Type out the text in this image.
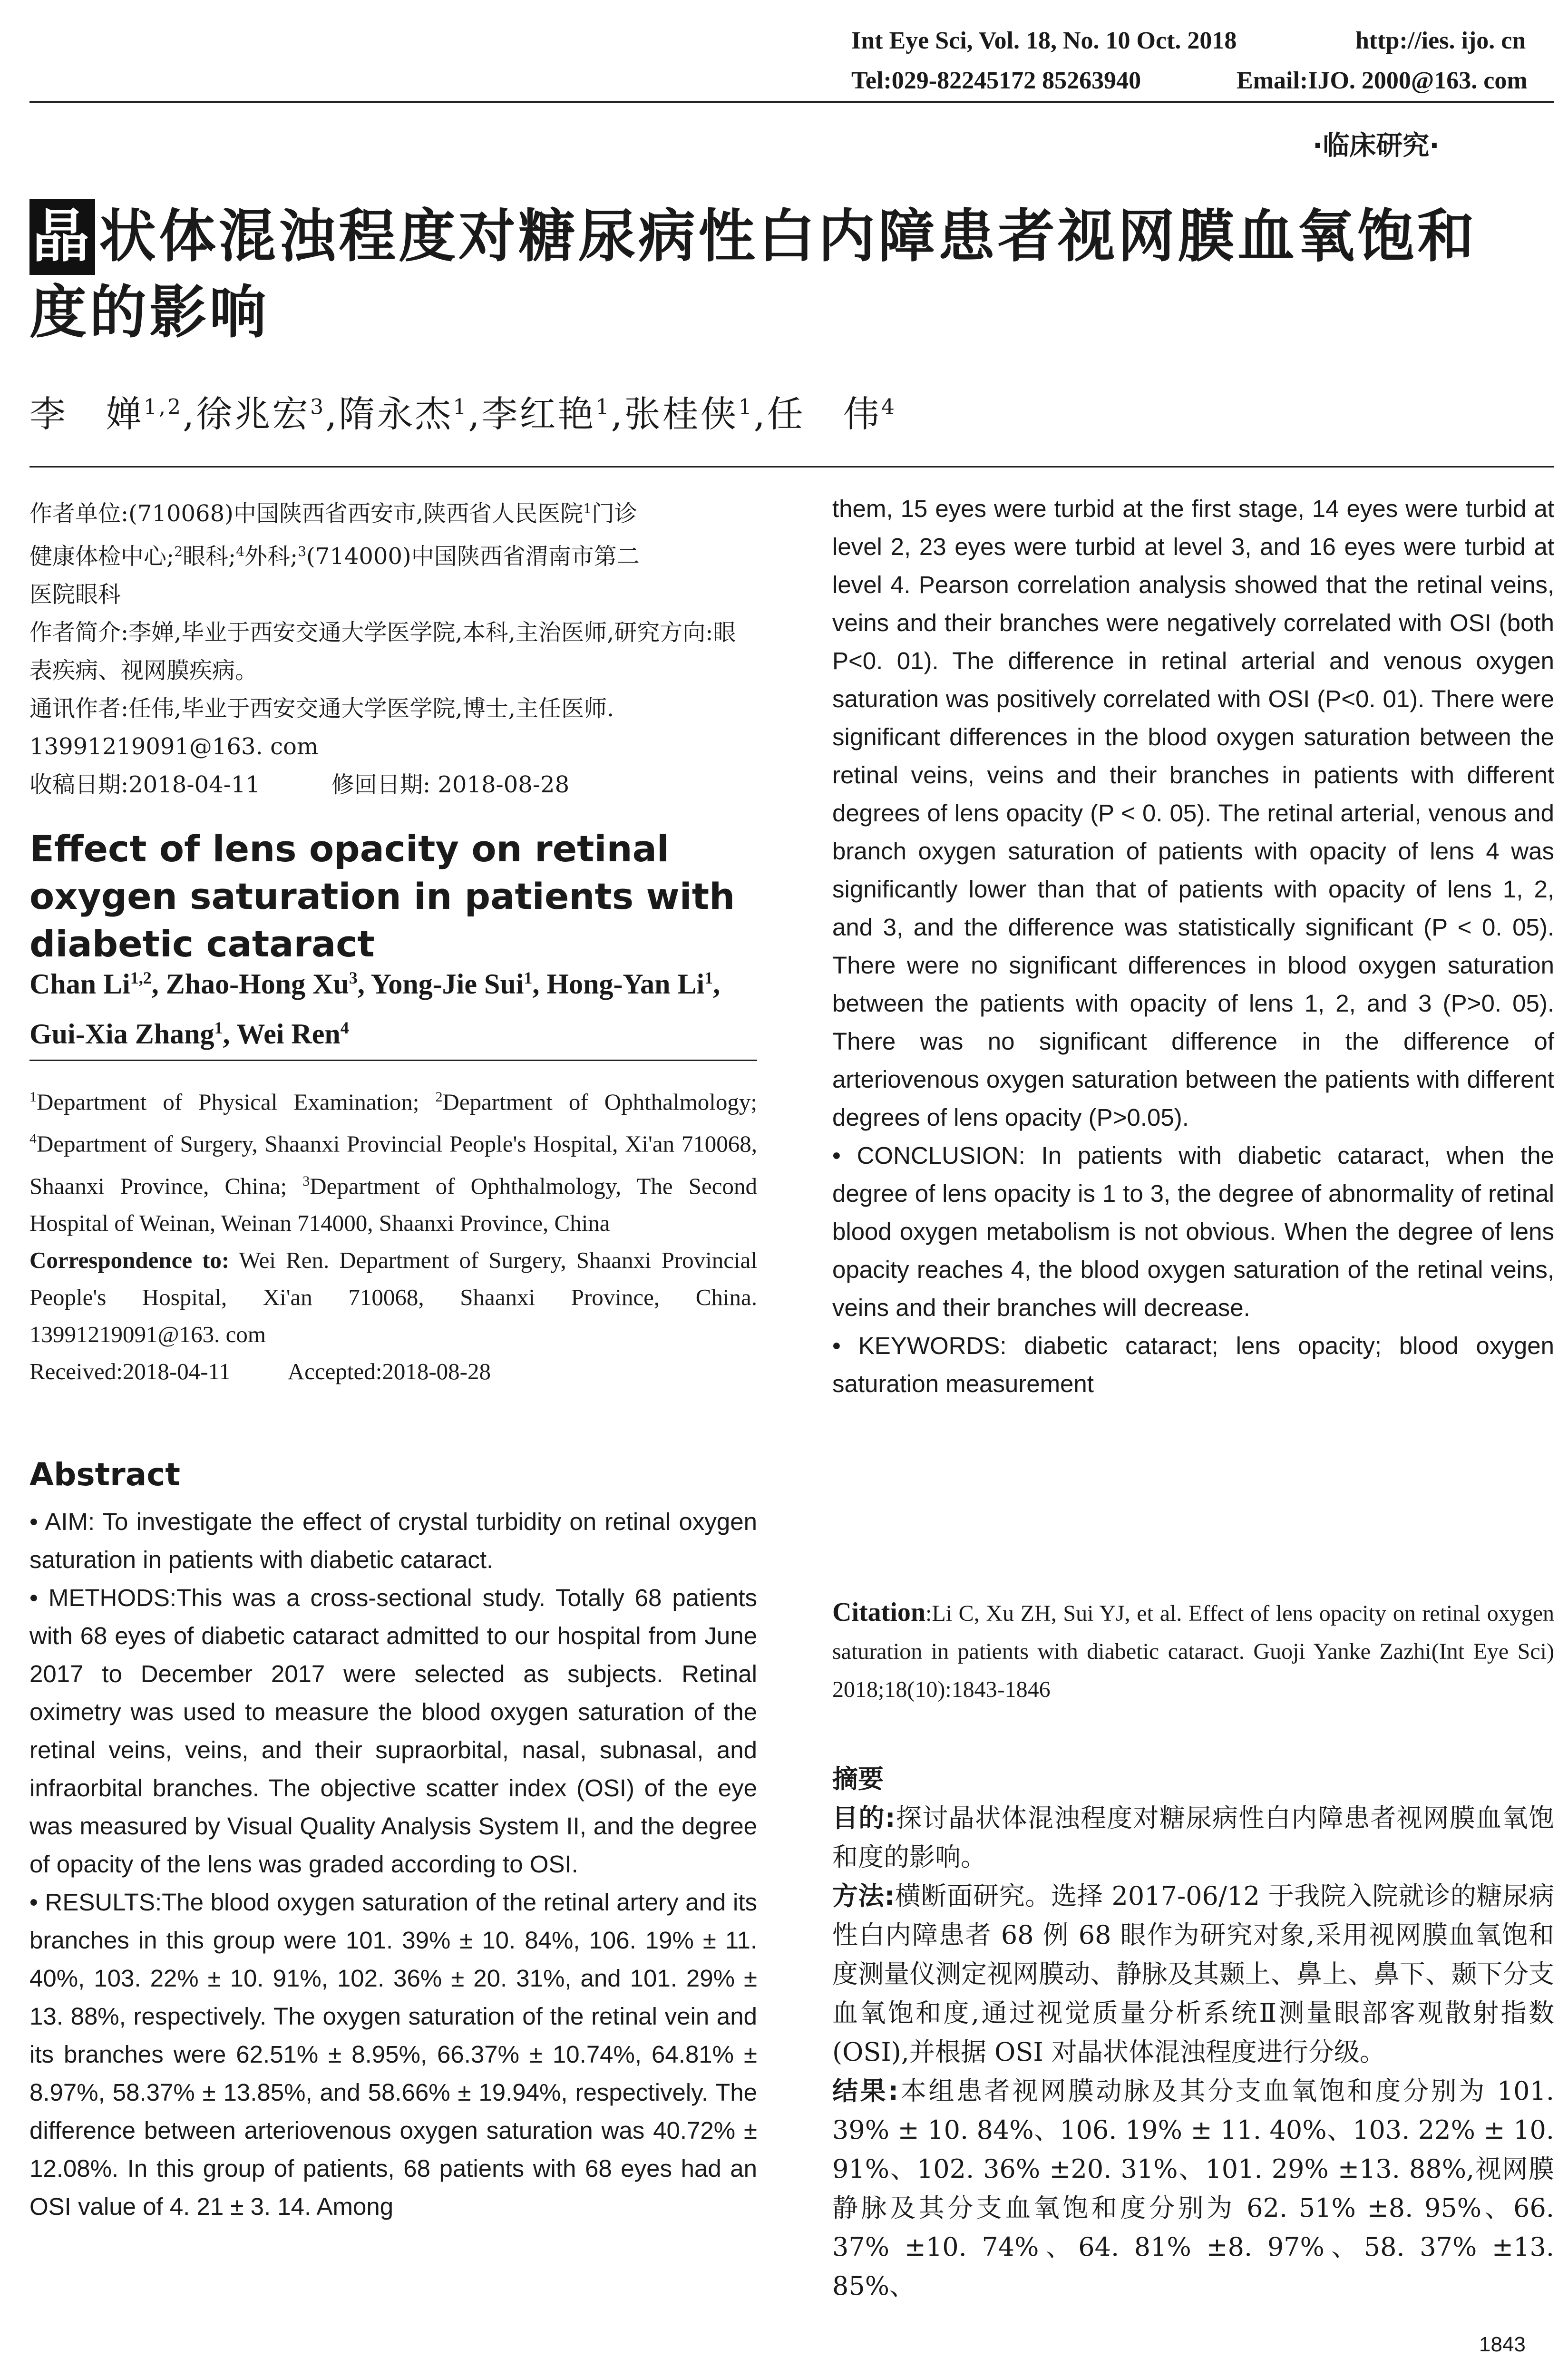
Int Eye Sci, Vol. 18, No. 10 Oct. 2018	http://ies. ijo. cn
Tel:029-82245172 85263940	Email:IJO. 2000@163. com
·临床研究·
晶 状体混浊程度对糖尿病性白内障患者视网膜血氧饱和
度的影响
李　婵$^{1,2}$,徐兆宏$^3$,隋永杰$^1$,李红艳$^1$,张桂侠$^1$,任　伟$^4$
作者单位:(710068)中国陕西省西安市,陕西省人民医院$^1$门诊
健康体检中心;$^2$眼科;$^4$外科;$^3$(714000)中国陕西省渭南市第二
医院眼科
作者简介:李婵,毕业于西安交通大学医学院,本科,主治医师,研究方向:眼表疾病、视网膜疾病。
通讯作者:任伟,毕业于西安交通大学医学院,博士,主任医师. 13991219091@163. com
收稿日期:2018-04-11	修回日期: 2018-08-28
Effect of lens opacity on retinal oxygen saturation in patients with diabetic cataract
Chan Li$^{1,2}$, Zhao-Hong Xu$^3$, Yong-Jie Sui$^1$, Hong-Yan Li$^1$, Gui-Xia Zhang$^1$, Wei Ren$^4$
$^1$Department of Physical Examination; $^2$Department of Ophthalmology; $^4$Department of Surgery, Shaanxi Provincial People's Hospital, Xi'an 710068, Shaanxi Province, China; $^3$Department of Ophthalmology, The Second Hospital of Weinan, Weinan 714000, Shaanxi Province, China
Correspondence to: Wei Ren. Department of Surgery, Shaanxi Provincial People's Hospital, Xi'an 710068, Shaanxi Province, China. 13991219091@163. com
Received:2018-04-11 Accepted:2018-08-28
Abstract

• AIM: To investigate the effect of crystal turbidity on retinal oxygen saturation in patients with diabetic cataract.

• METHODS:This was a cross-sectional study. Totally 68 patients with 68 eyes of diabetic cataract admitted to our hospital from June 2017 to December 2017 were selected as subjects. Retinal oximetry was used to measure the blood oxygen saturation of the retinal veins, veins, and their supraorbital, nasal, subnasal, and infraorbital branches. The objective scatter index (OSI) of the eye was measured by Visual Quality Analysis System II, and the degree of opacity of the lens was graded according to OSI.

• RESULTS:The blood oxygen saturation of the retinal artery and its branches in this group were 101. 39% ± 10. 84%, 106. 19% ± 11. 40%, 103. 22% ± 10. 91%, 102. 36% ± 20. 31%, and 101. 29% ± 13. 88%, respectively. The oxygen saturation of the retinal vein and its branches were 62.51% ± 8.95%, 66.37% ± 10.74%, 64.81% ± 8.97%, 58.37% ± 13.85%, and 58.66% ± 19.94%, respectively. The difference between arteriovenous oxygen saturation was 40.72% ± 12.08%. In this group of patients, 68 patients with 68 eyes had an OSI value of 4. 21 ± 3. 14. Among

them, 15 eyes were turbid at the first stage, 14 eyes were turbid at level 2, 23 eyes were turbid at level 3, and 16 eyes were turbid at level 4. Pearson correlation analysis showed that the retinal veins, veins and their branches were negatively correlated with OSI (both P<0. 01). The difference in retinal arterial and venous oxygen saturation was positively correlated with OSI (P<0. 01). There were significant differences in the blood oxygen saturation between the retinal veins, veins and their branches in patients with different degrees of lens opacity (P < 0. 05). The retinal arterial, venous and branch oxygen saturation of patients with opacity of lens 4 was significantly lower than that of patients with opacity of lens 1, 2, and 3, and the difference was statistically significant (P < 0. 05). There were no significant differences in blood oxygen saturation between the patients with opacity of lens 1, 2, and 3 (P>0. 05). There was no significant difference in the difference of arteriovenous oxygen saturation between the patients with different degrees of lens opacity (P>0.05).

• CONCLUSION: In patients with diabetic cataract, when the degree of lens opacity is 1 to 3, the degree of abnormality of retinal blood oxygen metabolism is not obvious. When the degree of lens opacity reaches 4, the blood oxygen saturation of the retinal veins, veins and their branches will decrease.

• KEYWORDS: diabetic cataract; lens opacity; blood oxygen saturation measurement

Citation:Li C, Xu ZH, Sui YJ, et al. Effect of lens opacity on retinal oxygen saturation in patients with diabetic cataract. Guoji Yanke Zazhi(Int Eye Sci) 2018;18(10):1843-1846

摘要

目的:探讨晶状体混浊程度对糖尿病性白内障患者视网膜血氧饱和度的影响。

方法:横断面研究。选择 2017-06/12 于我院入院就诊的糖尿病性白内障患者 68 例 68 眼作为研究对象,采用视网膜血氧饱和度测量仪测定视网膜动、静脉及其颞上、鼻上、鼻下、颞下分支血氧饱和度,通过视觉质量分析系统Ⅱ测量眼部客观散射指数(OSI),并根据 OSI 对晶状体混浊程度进行分级。

结果:本组患者视网膜动脉及其分支血氧饱和度分别为 101. 39% ± 10. 84%、106. 19% ± 11. 40%、103. 22% ± 10. 91%、102. 36% ±20. 31%、101. 29% ±13. 88%,视网膜静脉及其分支血氧饱和度分别为 62. 51% ±8. 95%、66. 37% ±10. 74%、64. 81% ±8. 97%、58. 37% ±13. 85%、

1843
